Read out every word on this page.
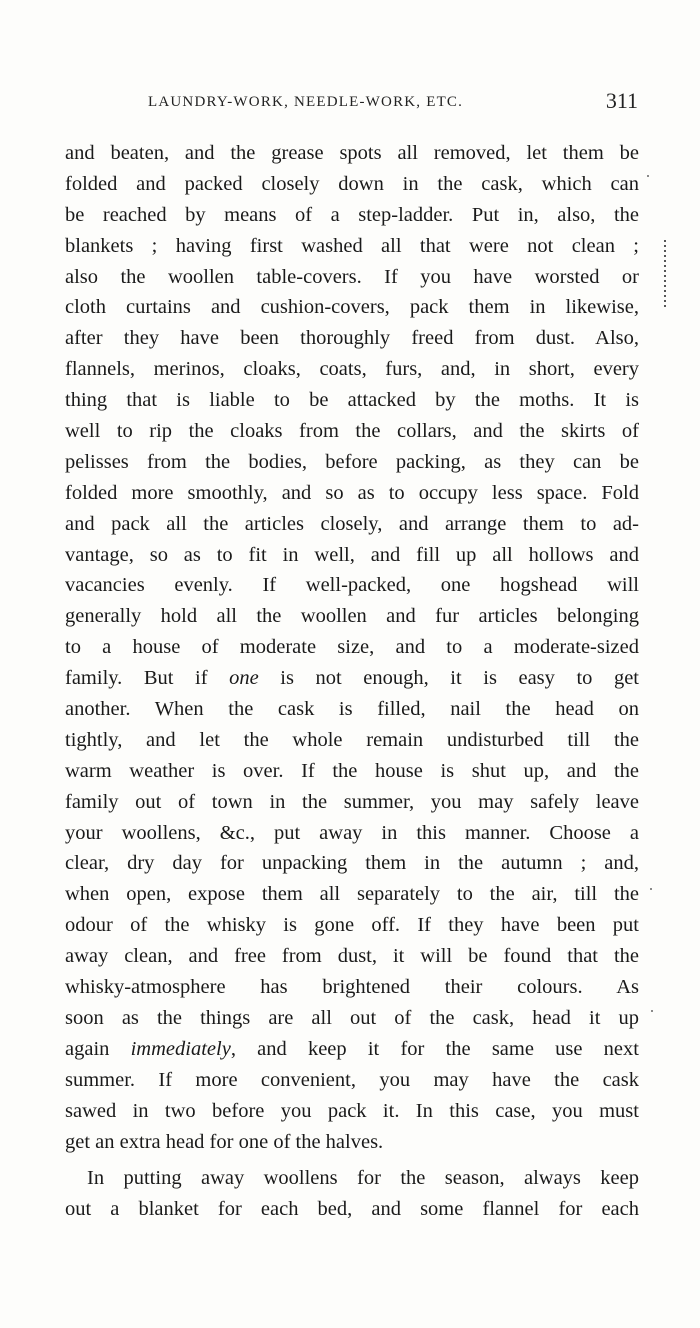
LAUNDRY-WORK, NEEDLE-WORK, ETC.	311
and beaten, and the grease spots all removed, let them be
folded and packed closely down in the cask, which can
be reached by means of a step-ladder. Put in, also, the
blankets ; having first washed all that were not clean ;
also the woollen table-covers. If you have worsted or
cloth curtains and cushion-covers, pack them in likewise,
after they have been thoroughly freed from dust. Also,
flannels, merinos, cloaks, coats, furs, and, in short, every
thing that is liable to be attacked by the moths. It is
well to rip the cloaks from the collars, and the skirts of
pelisses from the bodies, before packing, as they can be
folded more smoothly, and so as to occupy less space. Fold
and pack all the articles closely, and arrange them to ad-
vantage, so as to fit in well, and fill up all hollows and
vacancies evenly. If well-packed, one hogshead will
generally hold all the woollen and fur articles belonging
to a house of moderate size, and to a moderate-sized
family. But if one is not enough, it is easy to get
another. When the cask is filled, nail the head on
tightly, and let the whole remain undisturbed till the
warm weather is over. If the house is shut up, and the
family out of town in the summer, you may safely leave
your woollens, &c., put away in this manner. Choose a
clear, dry day for unpacking them in the autumn ; and,
when open, expose them all separately to the air, till the
odour of the whisky is gone off. If they have been put
away clean, and free from dust, it will be found that the
whisky-atmosphere has brightened their colours. As
soon as the things are all out of the cask, head it up
again immediately, and keep it for the same use next
summer. If more convenient, you may have the cask
sawed in two before you pack it. In this case, you must
get an extra head for one of the halves.
In putting away woollens for the season, always keep
out a blanket for each bed, and some flannel for each
